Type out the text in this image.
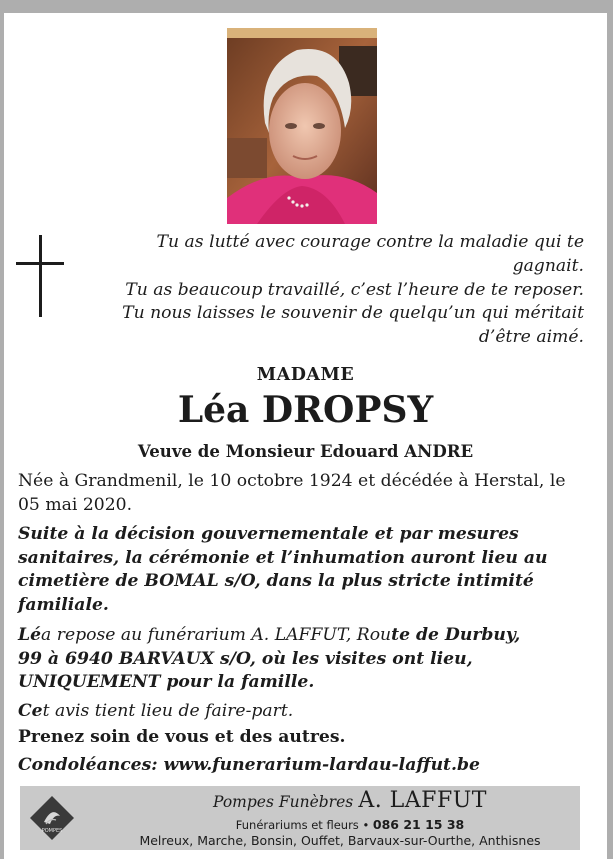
Tu as lutté avec courage contre la maladie qui te
gagnait.
Tu as beaucoup travaillé, c’est l’heure de te reposer.
Tu nous laisses le souvenir de quelqu’un qui méritait
d’être aimé.
MADAME
Léa DROPSY
Veuve de Monsieur Edouard ANDRE
Née à Grandmenil, le 10 octobre 1924 et décédée à Herstal, le
05 mai 2020.
Suite à la décision gouvernementale et par mesures
sanitaires, la cérémonie et l’inhumation auront lieu au
cimetière de BOMAL s/O, dans la plus stricte intimité
familiale.
Léa repose au funérarium A. LAFFUT, Route de Durbuy,
99 à 6940 BARVAUX s/O, où les visites ont lieu,
UNIQUEMENT pour la famille.
Cet avis tient lieu de faire-part.
Prenez soin de vous et des autres.
Condoléances: www.funerarium-lardau-laffut.be
POMPES
Pompes Funèbres A. LAFFUT
Funérariums et fleurs • 086 21 15 38
Melreux, Marche, Bonsin, Ouffet, Barvaux-sur-Ourthe, Anthisnes
